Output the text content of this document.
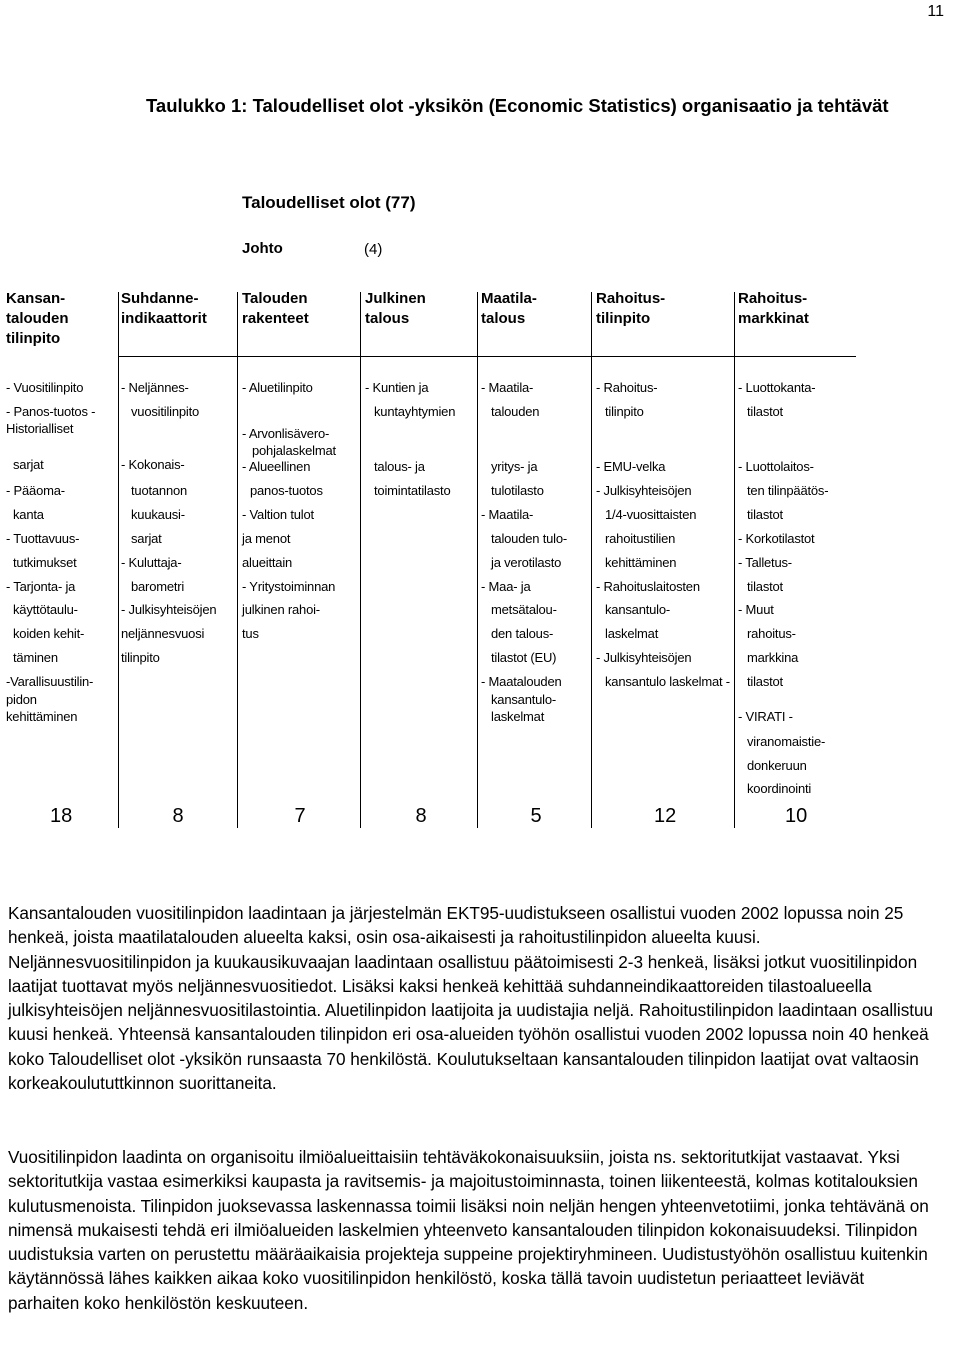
11
Taulukko 1: Taloudelliset olot -yksikön (Economic Statistics) organisaatio ja tehtävät
Taloudelliset olot (77)
Johto	(4)
Kansan-
talouden
tilinpito
- Vuositilinpito
- Panos-tuotos -
Historialliset
sarjat
- Pääoma-
kanta
- Tuottavuus-
tutkimukset
- Tarjonta- ja
käyttötaulu-
koiden kehit-
täminen
-Varallisuustilin-
pidon
kehittäminen
18
Suhdanne-
indikaattorit
- Neljännes-
vuositilinpito
- Kokonais-
tuotannon
kuukausi-
sarjat
- Kuluttaja-
barometri
- Julkisyhteisöjen
neljännesvuosi
tilinpito
8
Talouden
rakenteet
- Aluetilinpito
- Arvonlisävero-
pohjalaskelmat
- Alueellinen
panos-tuotos
- Valtion tulot
ja menot
alueittain
- Yritystoiminnan
julkinen rahoi-
tus
7
Julkinen
talous
- Kuntien ja
kuntayhtymien
talous- ja
toimintatilasto
8
Maatila-
talous
- Maatila-
talouden
yritys- ja
tulotilasto
- Maatila-
talouden tulo-
ja verotilasto
- Maa- ja
metsätalou-
den talous-
tilastot (EU)
- Maatalouden
kansantulo-
laskelmat
5
Rahoitus-
tilinpito
- Rahoitus-
tilinpito
- EMU-velka
- Julkisyhteisöjen
1/4-vuosittaisten
rahoitustilien
kehittäminen
- Rahoituslaitosten
kansantulo-
laskelmat
- Julkisyhteisöjen
kansantulo laskelmat -
12
Rahoitus-
markkinat
- Luottokanta-
tilastot
- Luottolaitos-
ten tilinpäätös-
tilastot
- Korkotilastot
- Talletus-
tilastot
- Muut
rahoitus-
markkina
tilastot
- VIRATI -
viranomaistie-
donkeruun
koordinointi
10
Kansantalouden vuositilinpidon laadintaan ja järjestelmän EKT95-uudistukseen osallistui vuoden 2002 lopussa noin 25 henkeä, joista maatilatalouden alueelta kaksi, osin osa-aikaisesti ja rahoitustilinpidon alueelta kuusi. Neljännesvuositilinpidon ja kuukausikuvaajan laadintaan osallistuu päätoimisesti 2-3 henkeä, lisäksi jotkut vuositilinpidon laatijat tuottavat myös neljännesvuositiedot. Lisäksi kaksi henkeä kehittää suhdanneindikaattoreiden tilastoalueella julkisyhteisöjen neljännesvuositilastointia. Aluetilinpidon laatijoita ja uudistajia neljä. Rahoitustilinpidon laadintaan osallistuu kuusi henkeä. Yhteensä kansantalouden tilinpidon eri osa-alueiden työhön osallistui vuoden 2002 lopussa noin 40 henkeä koko Taloudelliset olot -yksikön runsaasta 70 henkilöstä. Koulutukseltaan kansantalouden tilinpidon laatijat ovat valtaosin korkeakoulututtkinnon suorittaneita.
Vuositilinpidon laadinta on organisoitu ilmiöalueittaisiin tehtäväkokonaisuuksiin, joista ns. sektoritutkijat vastaavat. Yksi sektoritutkija vastaa esimerkiksi kaupasta ja ravitsemis- ja majoitustoiminnasta, toinen liikenteestä, kolmas kotitalouksien kulutusmenoista. Tilinpidon juoksevassa laskennassa toimii lisäksi noin neljän hengen yhteenvetotiimi, jonka tehtävänä on nimensä mukaisesti tehdä eri ilmiöalueiden laskelmien yhteenveto kansantalouden tilinpidon kokonaisuudeksi. Tilinpidon uudistuksia varten on perustettu määräaikaisia projekteja suppeine projektiryhmineen. Uudistustyöhön osallistuu kuitenkin käytännössä lähes kaikken aikaa koko vuositilinpidon henkilöstö, koska tällä tavoin uudistetun periaatteet leviävät parhaiten koko henkilöstön keskuuteen.
